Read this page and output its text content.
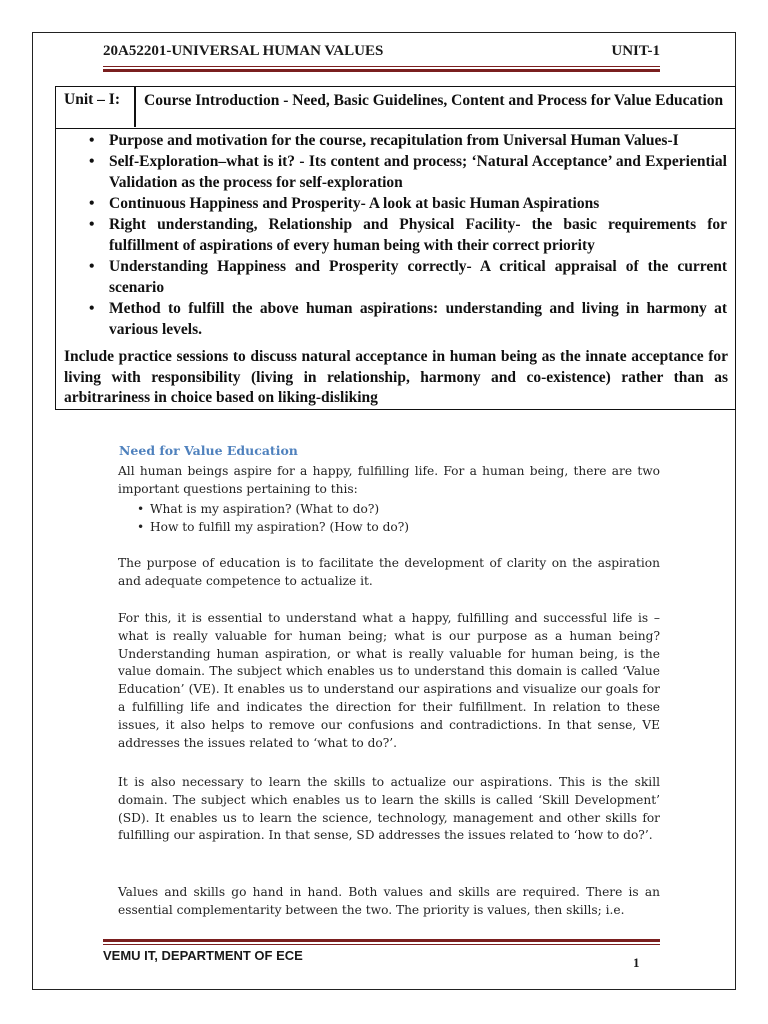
20A52201-UNIVERSAL HUMAN VALUES	UNIT-1
Unit – I: Course Introduction - Need, Basic Guidelines, Content and Process for Value Education
• Purpose and motivation for the course, recapitulation from Universal Human Values-I
• Self-Exploration–what is it? - Its content and process; ‘Natural Acceptance’ and Experiential Validation as the process for self-exploration
• Continuous Happiness and Prosperity- A look at basic Human Aspirations
• Right understanding, Relationship and Physical Facility- the basic requirements for fulfillment of aspirations of every human being with their correct priority
• Understanding Happiness and Prosperity correctly- A critical appraisal of the current scenario
• Method to fulfill the above human aspirations: understanding and living in harmony at various levels.
Include practice sessions to discuss natural acceptance in human being as the innate acceptance for living with responsibility (living in relationship, harmony and co-existence) rather than as arbitrariness in choice based on liking-disliking
Need for Value Education
All human beings aspire for a happy, fulfilling life. For a human being, there are two important questions pertaining to this:
• What is my aspiration? (What to do?)
• How to fulfill my aspiration? (How to do?)
The purpose of education is to facilitate the development of clarity on the aspiration and adequate competence to actualize it.
For this, it is essential to understand what a happy, fulfilling and successful life is – what is really valuable for human being; what is our purpose as a human being? Understanding human aspiration, or what is really valuable for human being, is the value domain. The subject which enables us to understand this domain is called ‘Value Education’ (VE). It enables us to understand our aspirations and visualize our goals for a fulfilling life and indicates the direction for their fulfillment. In relation to these issues, it also helps to remove our confusions and contradictions. In that sense, VE addresses the issues related to ‘what to do?’.
It is also necessary to learn the skills to actualize our aspirations. This is the skill domain. The subject which enables us to learn the skills is called ‘Skill Development’ (SD). It enables us to learn the science, technology, management and other skills for fulfilling our aspiration. In that sense, SD addresses the issues related to ‘how to do?’.
Values and skills go hand in hand. Both values and skills are required. There is an essential complementarity between the two. The priority is values, then skills; i.e.
VEMU IT, DEPARTMENT OF ECE	1
